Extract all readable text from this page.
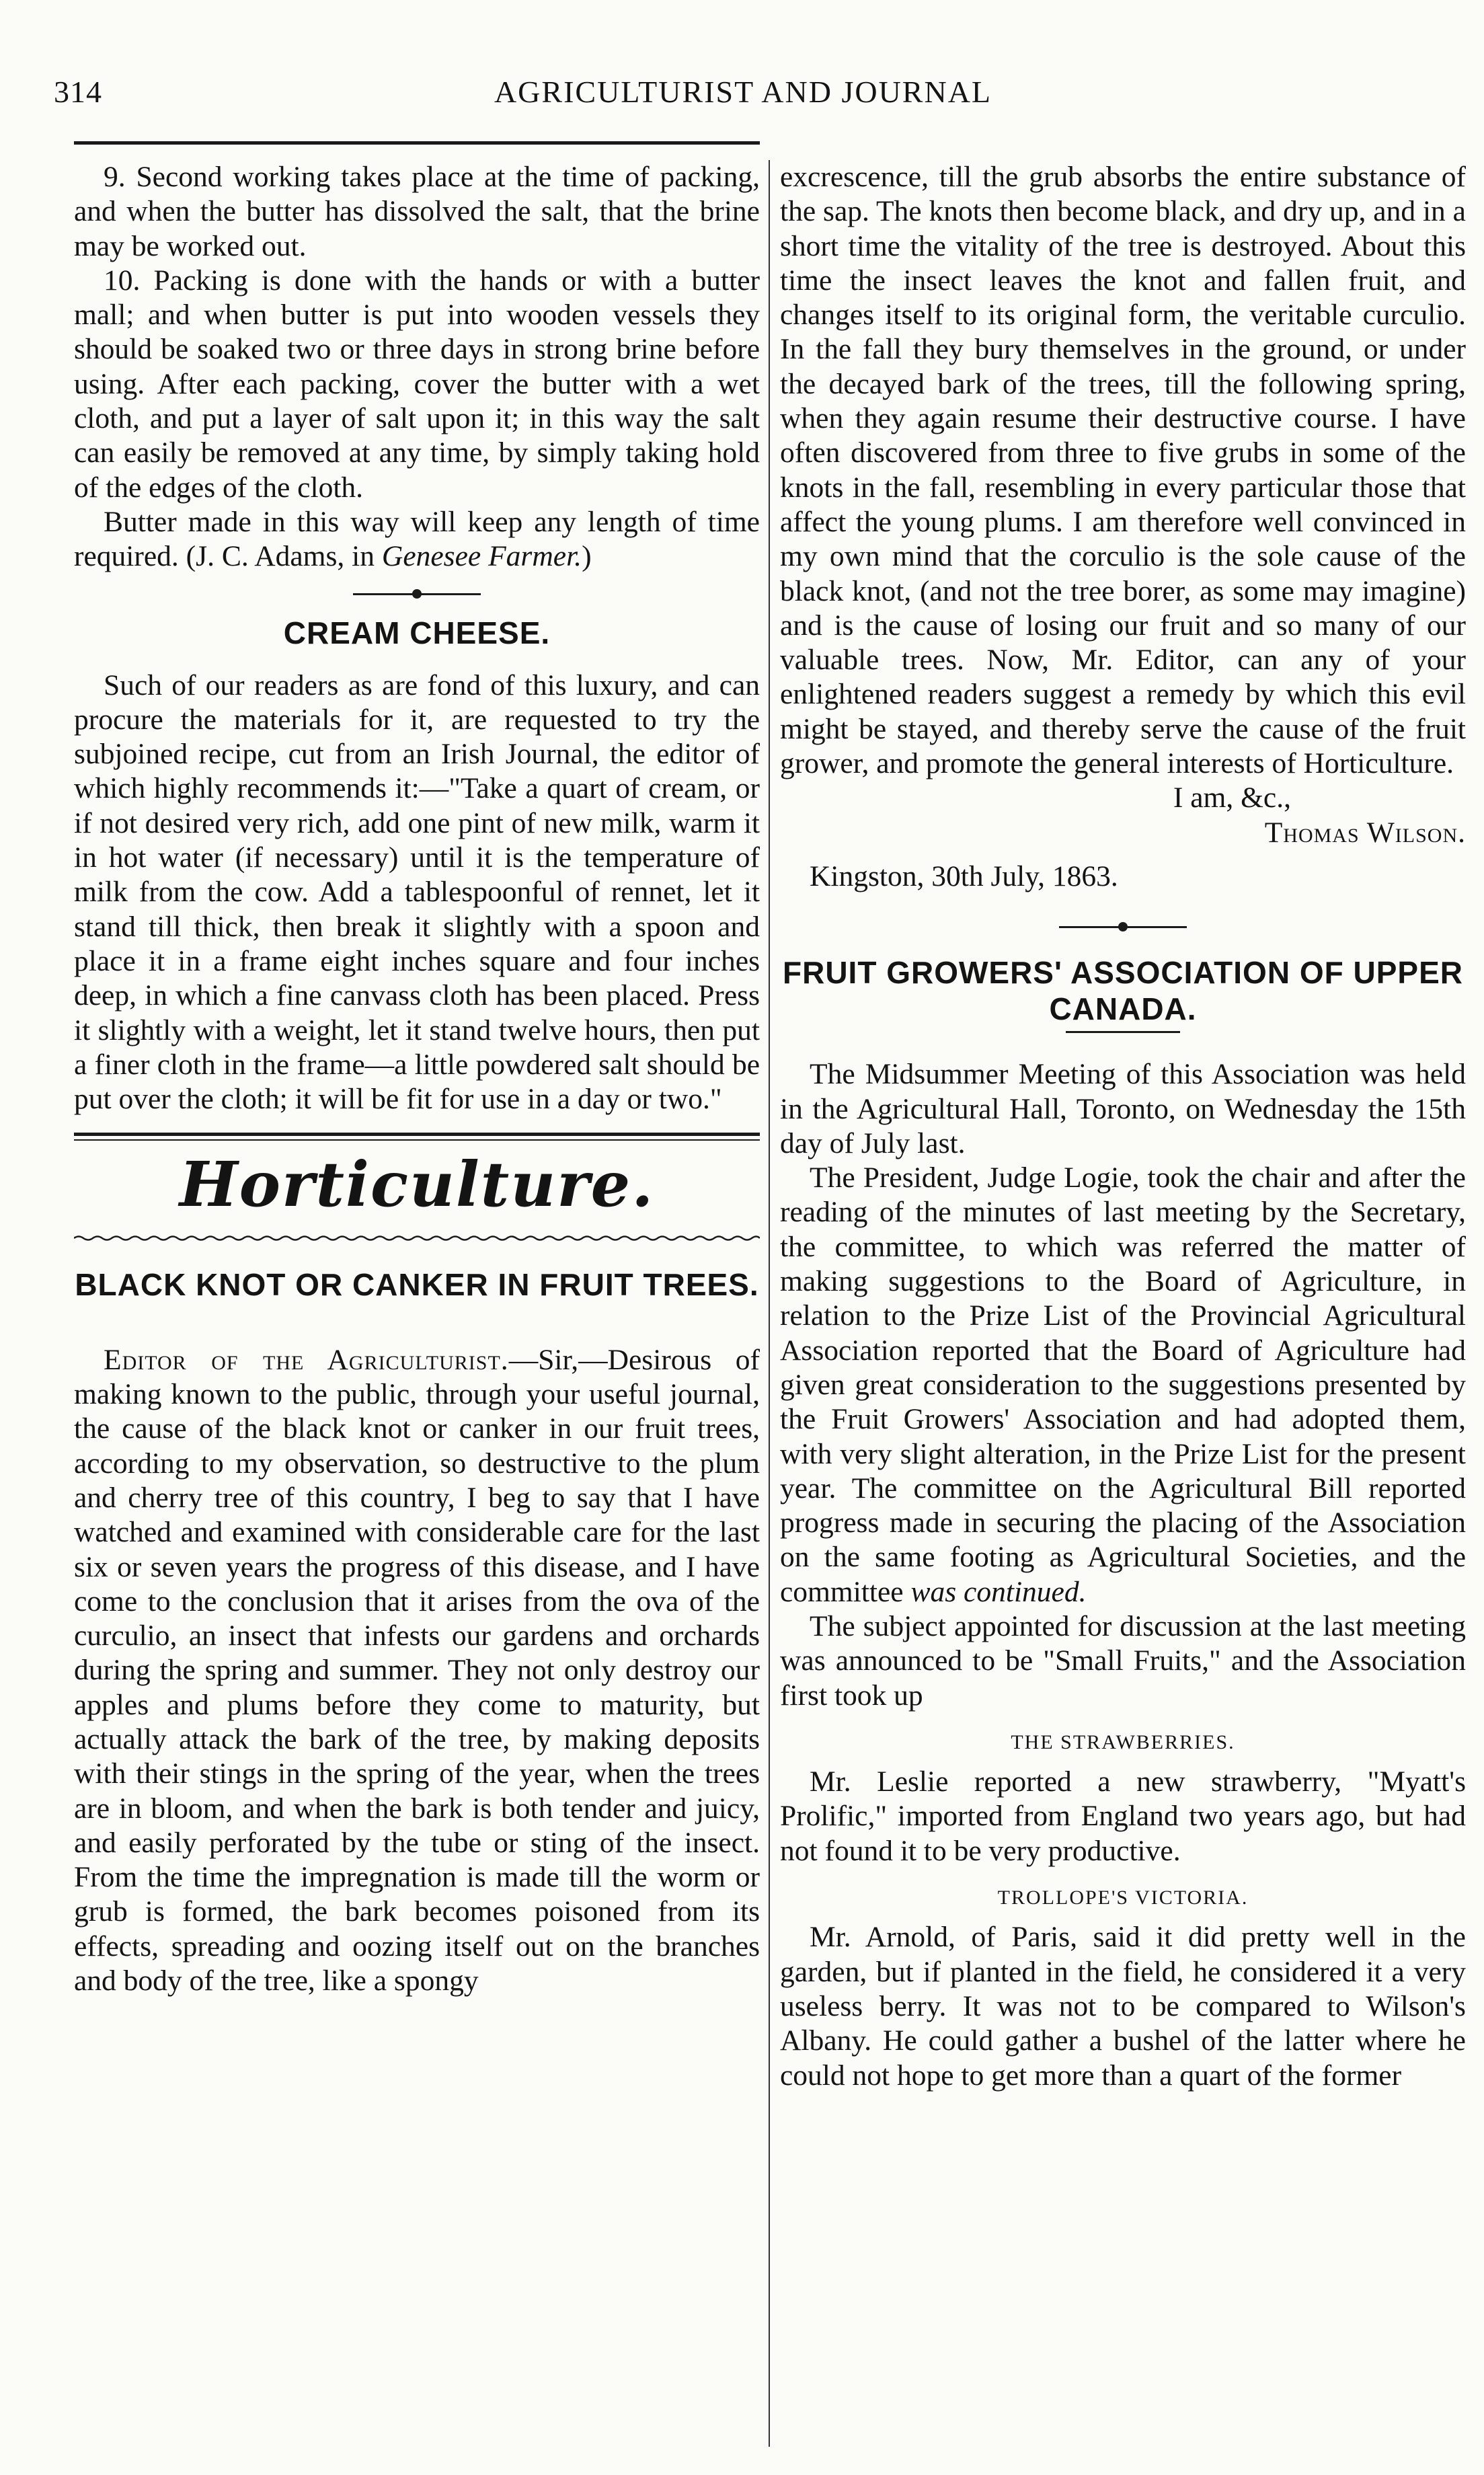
AGRICULTURIST AND JOURNAL
314

9. Second working takes place at the time of packing, and when the butter has dissolved the salt, that the brine may be worked out.

10. Packing is done with the hands or with a butter mall; and when butter is put into wooden vessels they should be soaked two or three days in strong brine before using. After each packing, cover the butter with a wet cloth, and put a layer of salt upon it; in this way the salt can easily be removed at any time, by simply taking hold of the edges of the cloth.

Butter made in this way will keep any length of time required. (J. C. Adams, in Genesee Farmer.)

CREAM CHEESE.

Such of our readers as are fond of this luxury, and can procure the materials for it, are requested to try the subjoined recipe, cut from an Irish Journal, the editor of which highly recommends it:—"Take a quart of cream, or if not desired very rich, add one pint of new milk, warm it in hot water (if necessary) until it is the temperature of milk from the cow. Add a tablespoonful of rennet, let it stand till thick, then break it slightly with a spoon and place it in a frame eight inches square and four inches deep, in which a fine canvass cloth has been placed. Press it slightly with a weight, let it stand twelve hours, then put a finer cloth in the frame—a little powdered salt should be put over the cloth; it will be fit for use in a day or two."

Horticulture.
BLACK KNOT OR CANKER IN FRUIT TREES.

Editor of the Agriculturist.—Sir,—Desirous of making known to the public, through your useful journal, the cause of the black knot or canker in our fruit trees, according to my observation, so destructive to the plum and cherry tree of this country, I beg to say that I have watched and examined with considerable care for the last six or seven years the progress of this disease, and I have come to the conclusion that it arises from the ova of the curculio, an insect that infests our gardens and orchards during the spring and summer. They not only destroy our apples and plums before they come to maturity, but actually attack the bark of the tree, by making deposits with their stings in the spring of the year, when the trees are in bloom, and when the bark is both tender and juicy, and easily perforated by the tube or sting of the insect. From the time the impregnation is made till the worm or grub is formed, the bark becomes poisoned from its effects, spreading and oozing itself out on the branches and body of the tree, like a spongy

excrescence, till the grub absorbs the entire substance of the sap. The knots then become black, and dry up, and in a short time the vitality of the tree is destroyed. About this time the insect leaves the knot and fallen fruit, and changes itself to its original form, the veritable curculio. In the fall they bury themselves in the ground, or under the decayed bark of the trees, till the following spring, when they again resume their destructive course. I have often discovered from three to five grubs in some of the knots in the fall, resembling in every particular those that affect the young plums. I am therefore well convinced in my own mind that the corculio is the sole cause of the black knot, (and not the tree borer, as some may imagine) and is the cause of losing our fruit and so many of our valuable trees. Now, Mr. Editor, can any of your enlightened readers suggest a remedy by which this evil might be stayed, and thereby serve the cause of the fruit grower, and promote the general interests of Horticulture.

I am, &c.,

Thomas Wilson.

Kingston, 30th July, 1863.

FRUIT GROWERS' ASSOCIATION OF UPPER CANADA.

The Midsummer Meeting of this Association was held in the Agricultural Hall, Toronto, on Wednesday the 15th day of July last.

The President, Judge Logie, took the chair and after the reading of the minutes of last meeting by the Secretary, the committee, to which was referred the matter of making suggestions to the Board of Agriculture, in relation to the Prize List of the Provincial Agricultural Association reported that the Board of Agriculture had given great consideration to the suggestions presented by the Fruit Growers' Association and had adopted them, with very slight alteration, in the Prize List for the present year. The committee on the Agricultural Bill reported progress made in securing the placing of the Association on the same footing as Agricultural Societies, and the committee was continued.

The subject appointed for discussion at the last meeting was announced to be "Small Fruits," and the Association first took up

THE STRAWBERRIES.

Mr. Leslie reported a new strawberry, "Myatt's Prolific," imported from England two years ago, but had not found it to be very productive.

TROLLOPE'S VICTORIA.

Mr. Arnold, of Paris, said it did pretty well in the garden, but if planted in the field, he considered it a very useless berry. It was not to be compared to Wilson's Albany. He could gather a bushel of the latter where he could not hope to get more than a quart of the former
